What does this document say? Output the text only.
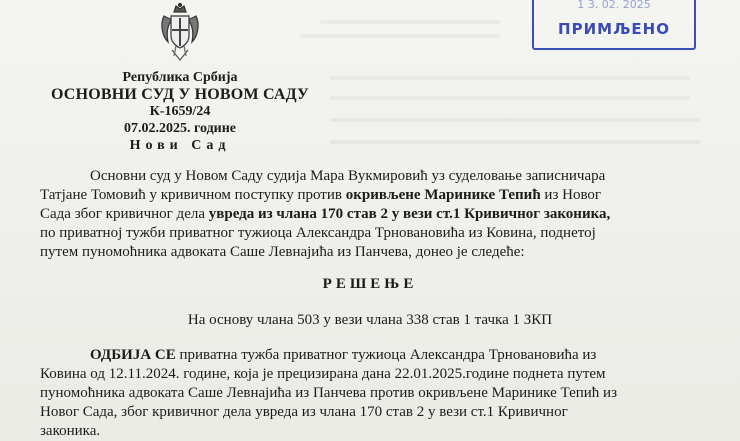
Република Србија
ОСНОВНИ СУД У НОВОМ САДУ
К-1659/24
07.02.2025. године
Нови Сад
1 3. 02. 2025
ПРИМЉЕНО
Основни суд у Новом Саду судија Мара Вукмировић уз суделовање записничара
Татјане Томовић у кривичном поступку против окривљене Маринике Тепић из Новог
Сада због кривичног дела увреда из члана 170 став 2 у вези ст.1 Кривичног законика,
по приватној тужби приватног тужиоца Александра Трновановића из Ковина, поднетој
путем пуномоћника адвоката Саше Левнајића из Панчева, донео је следеће:
РЕШЕЊЕ
На основу члана 503 у вези члана 338 став 1 тачка 1 ЗКП
ОДБИЈА СЕ приватна тужба приватног тужиоца Александра Трновановића из
Ковина од 12.11.2024. године, која је прецизирана дана 22.01.2025.године поднета путем
пуномоћника адвоката Саше Левнајића из Панчева против окривљене Маринике Тепић из
Новог Сада, због кривичног дела увреда из члана 170 став 2 у вези ст.1 Кривичног
законика.
